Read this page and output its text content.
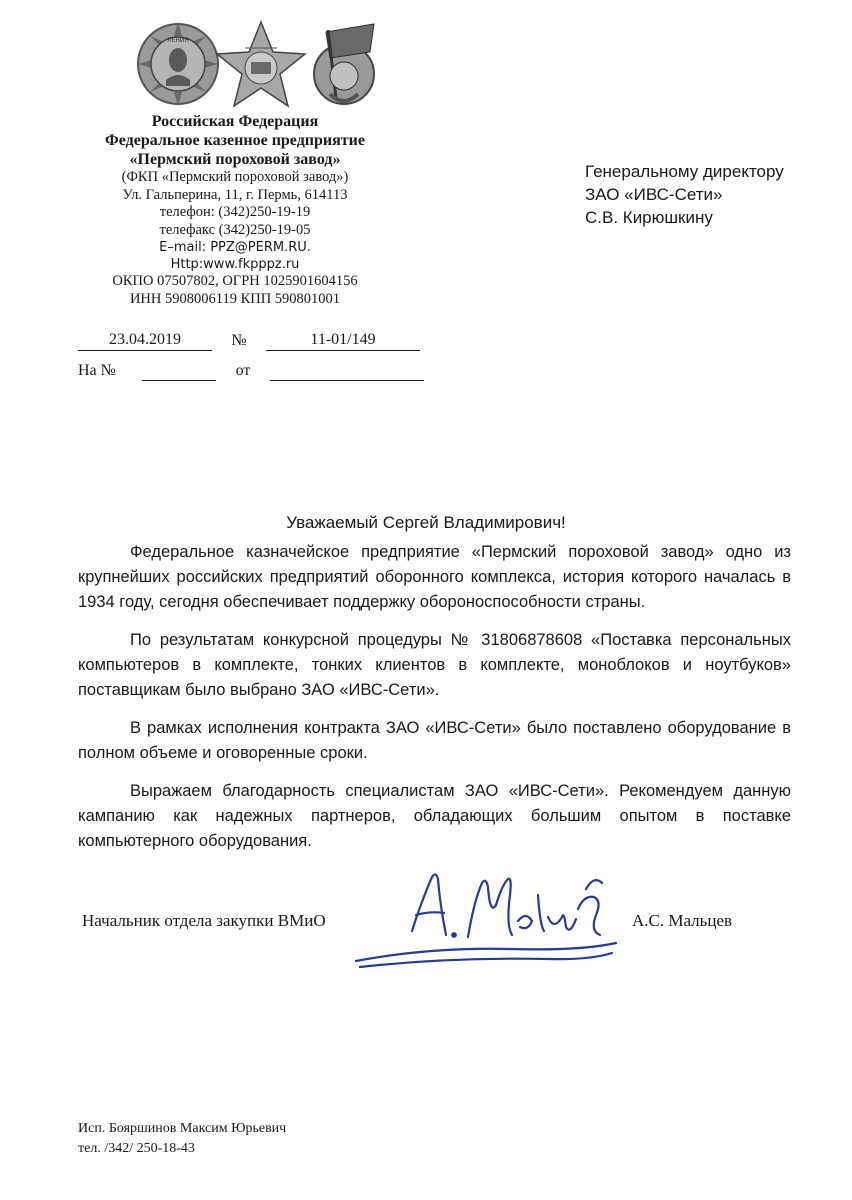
ЛЕНИН
Российская Федерация
Федеральное казенное предприятие
«Пермский пороховой завод»
(ФКП «Пермский пороховой завод»)
Ул. Гальперина, 11, г. Пермь, 614113
телефон: (342)250-19-19
телефакс (342)250-19-05
E–mail: PPZ@PERM.RU.
Http:www.fkpppz.ru
ОКПО 07507802, ОГРН 1025901604156
ИНН 5908006119 КПП 590801001
23.04.2019	№	11-01/149
На №	от
Генеральному директору
ЗАО «ИВС-Сети»
С.В. Кирюшкину
Уважаемый Сергей Владимирович!

Федеральное казначейское предприятие «Пермский пороховой завод» одно из крупнейших российских предприятий оборонного комплекса, история которого началась в 1934 году, сегодня обеспечивает поддержку обороноспособности страны.

По результатам конкурсной процедуры № 31806878608 «Поставка персональных компьютеров в комплекте, тонких клиентов в комплекте, моноблоков и ноутбуков» поставщикам было выбрано ЗАО «ИВС-Сети».

В рамках исполнения контракта ЗАО «ИВС-Сети» было поставлено оборудование в полном объеме и оговоренные сроки.

Выражаем благодарность специалистам ЗАО «ИВС-Сети». Рекомендуем данную кампанию как надежных партнеров, обладающих большим опытом в поставке компьютерного оборудования.

Начальник отдела закупки ВМиО	А.С. Мальцев
Исп. Бояршинов Максим Юрьевич
тел. /342/ 250-18-43
